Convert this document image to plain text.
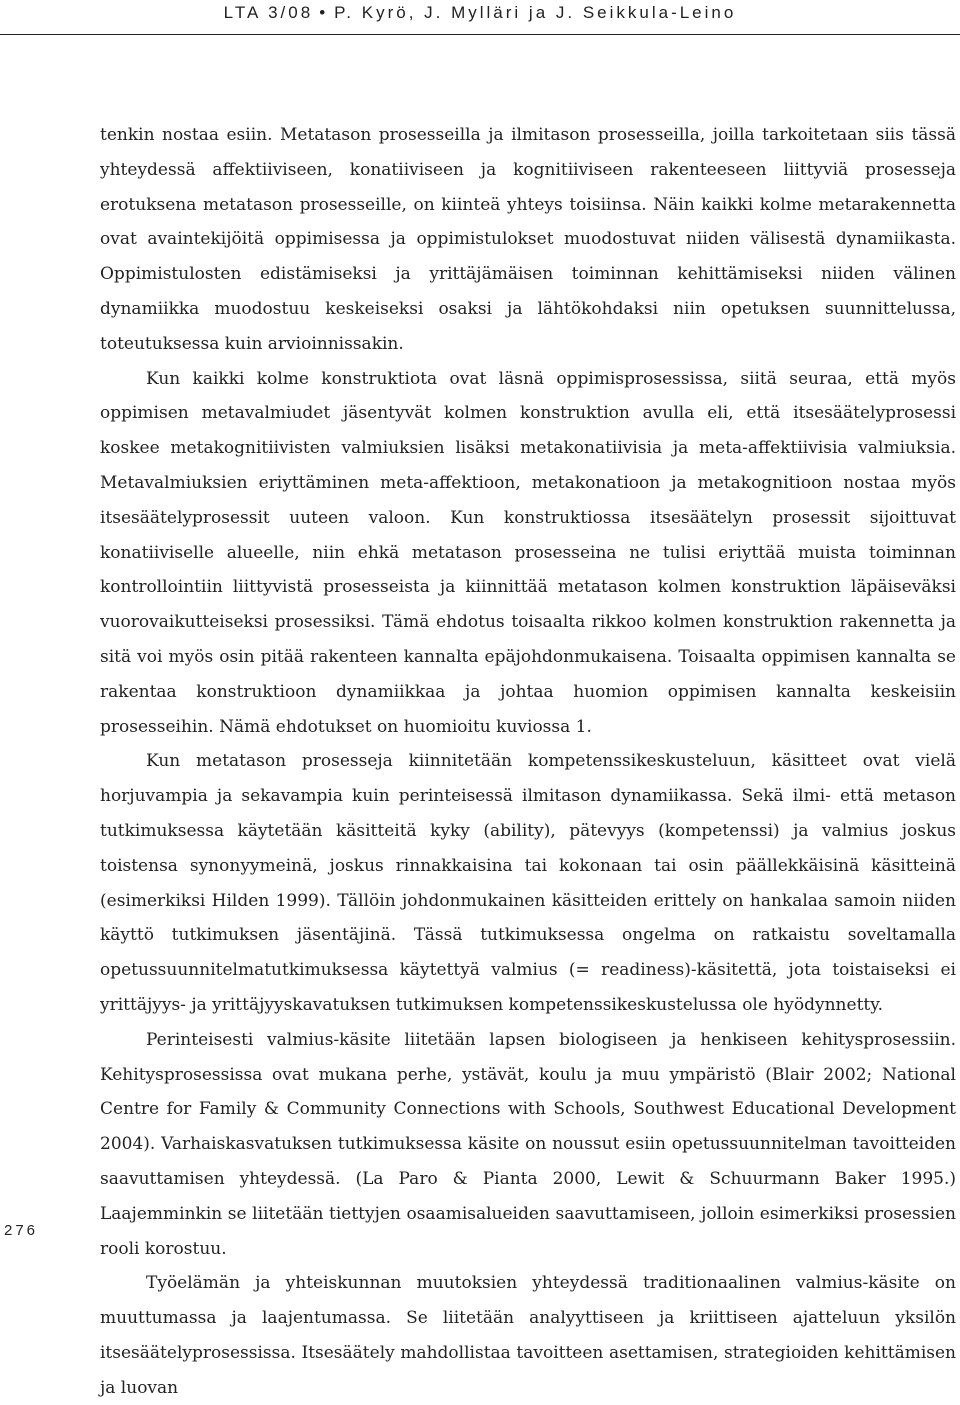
LTA 3/08 • P. Kyrö, J. Mylläri ja J. Seikkula-Leino
276

tenkin nostaa esiin. Metatason prosesseilla ja ilmitason prosesseilla, joilla tarkoitetaan siis tässä yhteydessä affektiiviseen, konatiiviseen ja kognitiiviseen rakenteeseen liittyviä prosesseja erotuksena metatason prosesseille, on kiinteä yhteys toisiinsa. Näin kaikki kolme metarakennetta ovat avaintekijöitä oppimisessa ja oppimistulokset muodostuvat niiden välisestä dynamiikasta. Oppimistulosten edistämiseksi ja yrittäjämäisen toiminnan kehittämiseksi niiden välinen dynamiikka muodostuu keskeiseksi osaksi ja lähtökohdaksi niin opetuksen suunnittelussa, toteutuksessa kuin arvioinnissakin.

Kun kaikki kolme konstruktiota ovat läsnä oppimisprosessissa, siitä seuraa, että myös oppimisen metavalmiudet jäsentyvät kolmen konstruktion avulla eli, että itsesäätelyprosessi koskee metakognitiivisten valmiuksien lisäksi metakonatiivisia ja meta-affektiivisia valmiuksia. Metavalmiuksien eriyttäminen meta-affektioon, metakonatioon ja metakognitioon nostaa myös itsesäätelyprosessit uuteen valoon. Kun konstruktiossa itsesäätelyn prosessit sijoittuvat konatiiviselle alueelle, niin ehkä metatason prosesseina ne tulisi eriyttää muista toiminnan kontrollointiin liittyvistä prosesseista ja kiinnittää metatason kolmen konstruktion läpäiseväksi vuorovaikutteiseksi prosessiksi. Tämä ehdotus toisaalta rikkoo kolmen konstruktion rakennetta ja sitä voi myös osin pitää rakenteen kannalta epäjohdonmukaisena. Toisaalta oppimisen kannalta se rakentaa konstruktioon dynamiikkaa ja johtaa huomion oppimisen kannalta keskeisiin prosesseihin. Nämä ehdotukset on huomioitu kuviossa 1.

Kun metatason prosesseja kiinnitetään kompetenssikeskusteluun, käsitteet ovat vielä horjuvampia ja sekavampia kuin perinteisessä ilmitason dynamiikassa. Sekä ilmi- että metason tutkimuksessa käytetään käsitteitä kyky (ability), pätevyys (kompetenssi) ja valmius joskus toistensa synonyymeinä, joskus rinnakkaisina tai kokonaan tai osin päällekkäisinä käsitteinä (esimerkiksi Hilden 1999). Tällöin johdonmukainen käsitteiden erittely on hankalaa samoin niiden käyttö tutkimuksen jäsentäjinä. Tässä tutkimuksessa ongelma on ratkaistu soveltamalla opetussuunnitelmatutkimuksessa käytettyä valmius (= readiness)-käsitettä, jota toistaiseksi ei yrittäjyys- ja yrittäjyyskavatuksen tutkimuksen kompetenssikeskustelussa ole hyödynnetty.

Perinteisesti valmius-käsite liitetään lapsen biologiseen ja henkiseen kehitysprosessiin. Kehitysprosessissa ovat mukana perhe, ystävät, koulu ja muu ympäristö (Blair 2002; National Centre for Family & Community Connections with Schools, Southwest Educational Development 2004). Varhaiskasvatuksen tutkimuksessa käsite on noussut esiin opetussuunnitelman tavoitteiden saavuttamisen yhteydessä. (La Paro & Pianta 2000, Lewit & Schuurmann Baker 1995.) Laajemminkin se liitetään tiettyjen osaamisalueiden saavuttamiseen, jolloin esimerkiksi prosessien rooli korostuu.

Työelämän ja yhteiskunnan muutoksien yhteydessä traditionaalinen valmius-käsite on muuttumassa ja laajentumassa. Se liitetään analyyttiseen ja kriittiseen ajatteluun yksilön itsesäätelyprosessissa. Itsesäätely mahdollistaa tavoitteen asettamisen, strategioiden kehittämisen ja luovan
